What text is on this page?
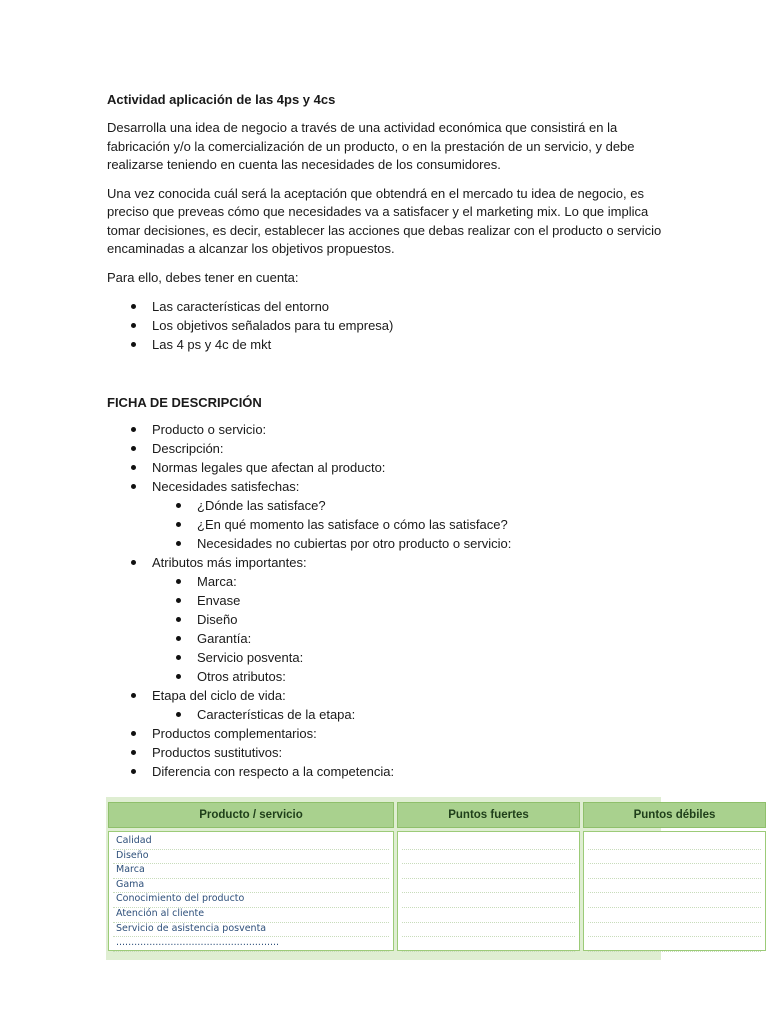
Actividad aplicación de las 4ps y 4cs

Desarrolla una idea de negocio a través de una actividad económica que consistirá en la fabricación y/o la comercialización de un producto, o en la prestación de un servicio, y debe realizarse teniendo en cuenta las necesidades de los consumidores.

Una vez conocida cuál será la aceptación que obtendrá en el mercado tu idea de negocio, es preciso que preveas cómo que necesidades va a satisfacer y el marketing mix. Lo que implica tomar decisiones, es decir, establecer las acciones que debas realizar con el producto o servicio encaminadas a alcanzar los objetivos propuestos.

Para ello, debes tener en cuenta:

Las características del entorno
Los objetivos señalados para tu empresa)
Las 4 ps y 4c de mkt
FICHA DE DESCRIPCIÓN
Producto o servicio:
Descripción:
Normas legales que afectan al producto:
Necesidades satisfechas:
¿Dónde las satisface?
¿En qué momento las satisface o cómo las satisface?
Necesidades no cubiertas por otro producto o servicio:
Atributos más importantes:
Marca:
Envase
Diseño
Garantía:
Servicio posventa:
Otros atributos:
Etapa del ciclo de vida:
Características de la etapa:
Productos complementarios:
Productos sustitutivos:
Diferencia con respecto a la competencia:
Producto / servicio
Calidad
Diseño
Marca
Gama
Conocimiento del producto
Atención al cliente
Servicio de asistencia posventa
......................................................
Puntos fuertes	Puntos débiles
